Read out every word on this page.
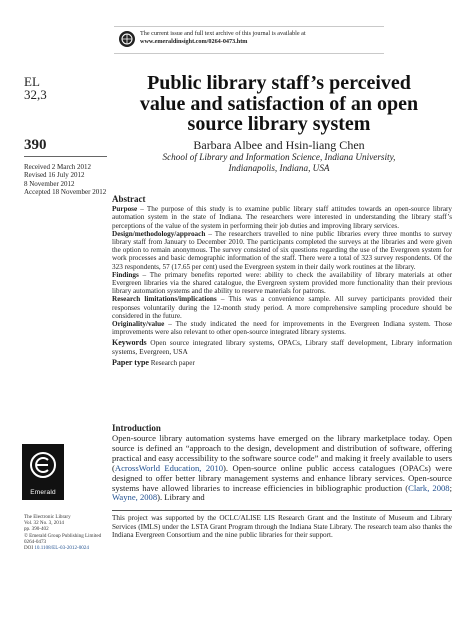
The current issue and full text archive of this journal is available at
www.emeraldinsight.com/0264-0473.htm
EL
32,3
390
Received 2 March 2012
Revised 16 July 2012
8 November 2012
Accepted 18 November 2012
Public library staff’s perceived
value and satisfaction of an open
source library system
Barbara Albee and Hsin-liang Chen
School of Library and Information Science, Indiana University,
Indianapolis, Indiana, USA
Abstract

Purpose – The purpose of this study is to examine public library staff attitudes towards an open-source library automation system in the state of Indiana. The researchers were interested in understanding the library staff’s perceptions of the value of the system in performing their job duties and improving library services.

Design/methodology/approach – The researchers travelled to nine public libraries every three months to survey library staff from January to December 2010. The participants completed the surveys at the libraries and were given the option to remain anonymous. The survey consisted of six questions regarding the use of the Evergreen system for work processes and basic demographic information of the staff. There were a total of 323 survey respondents. Of the 323 respondents, 57 (17.65 per cent) used the Evergreen system in their daily work routines at the library.

Findings – The primary benefits reported were: ability to check the availability of library materials at other Evergreen libraries via the shared catalogue, the Evergreen system provided more functionality than their previous library automation systems and the ability to reserve materials for patrons.

Research limitations/implications – This was a convenience sample. All survey participants provided their responses voluntarily during the 12-month study period. A more comprehensive sampling procedure should be considered in the future.

Originality/value – The study indicated the need for improvements in the Evergreen Indiana system. Those improvements were also relevant to other open-source integrated library systems.

Keywords Open source integrated library systems, OPACs, Library staff development, Library information systems, Evergreen, USA

Paper type Research paper

Introduction

Open-source library automation systems have emerged on the library marketplace today. Open source is defined an “approach to the design, development and distribution of software, offering practical and easy accessibility to the software source code” and making it freely available to users (AcrossWorld Education, 2010). Open-source online public access catalogues (OPACs) were designed to offer better library management systems and enhance library services. Open-source systems have allowed libraries to increase efficiencies in bibliographic production (Clark, 2008; Wayne, 2008). Library and

This project was supported by the OCLC/ALISE LIS Research Grant and the Institute of Museum and Library Services (IMLS) under the LSTA Grant Program through the Indiana State Library. The research team also thanks the Indiana Evergreen Consortium and the nine public libraries for their support.
Emerald
The Electronic Library
Vol. 32 No. 3, 2014
pp. 390-402
© Emerald Group Publishing Limited
0264-0473
DOI 10.1108/EL-03-2012-0024
